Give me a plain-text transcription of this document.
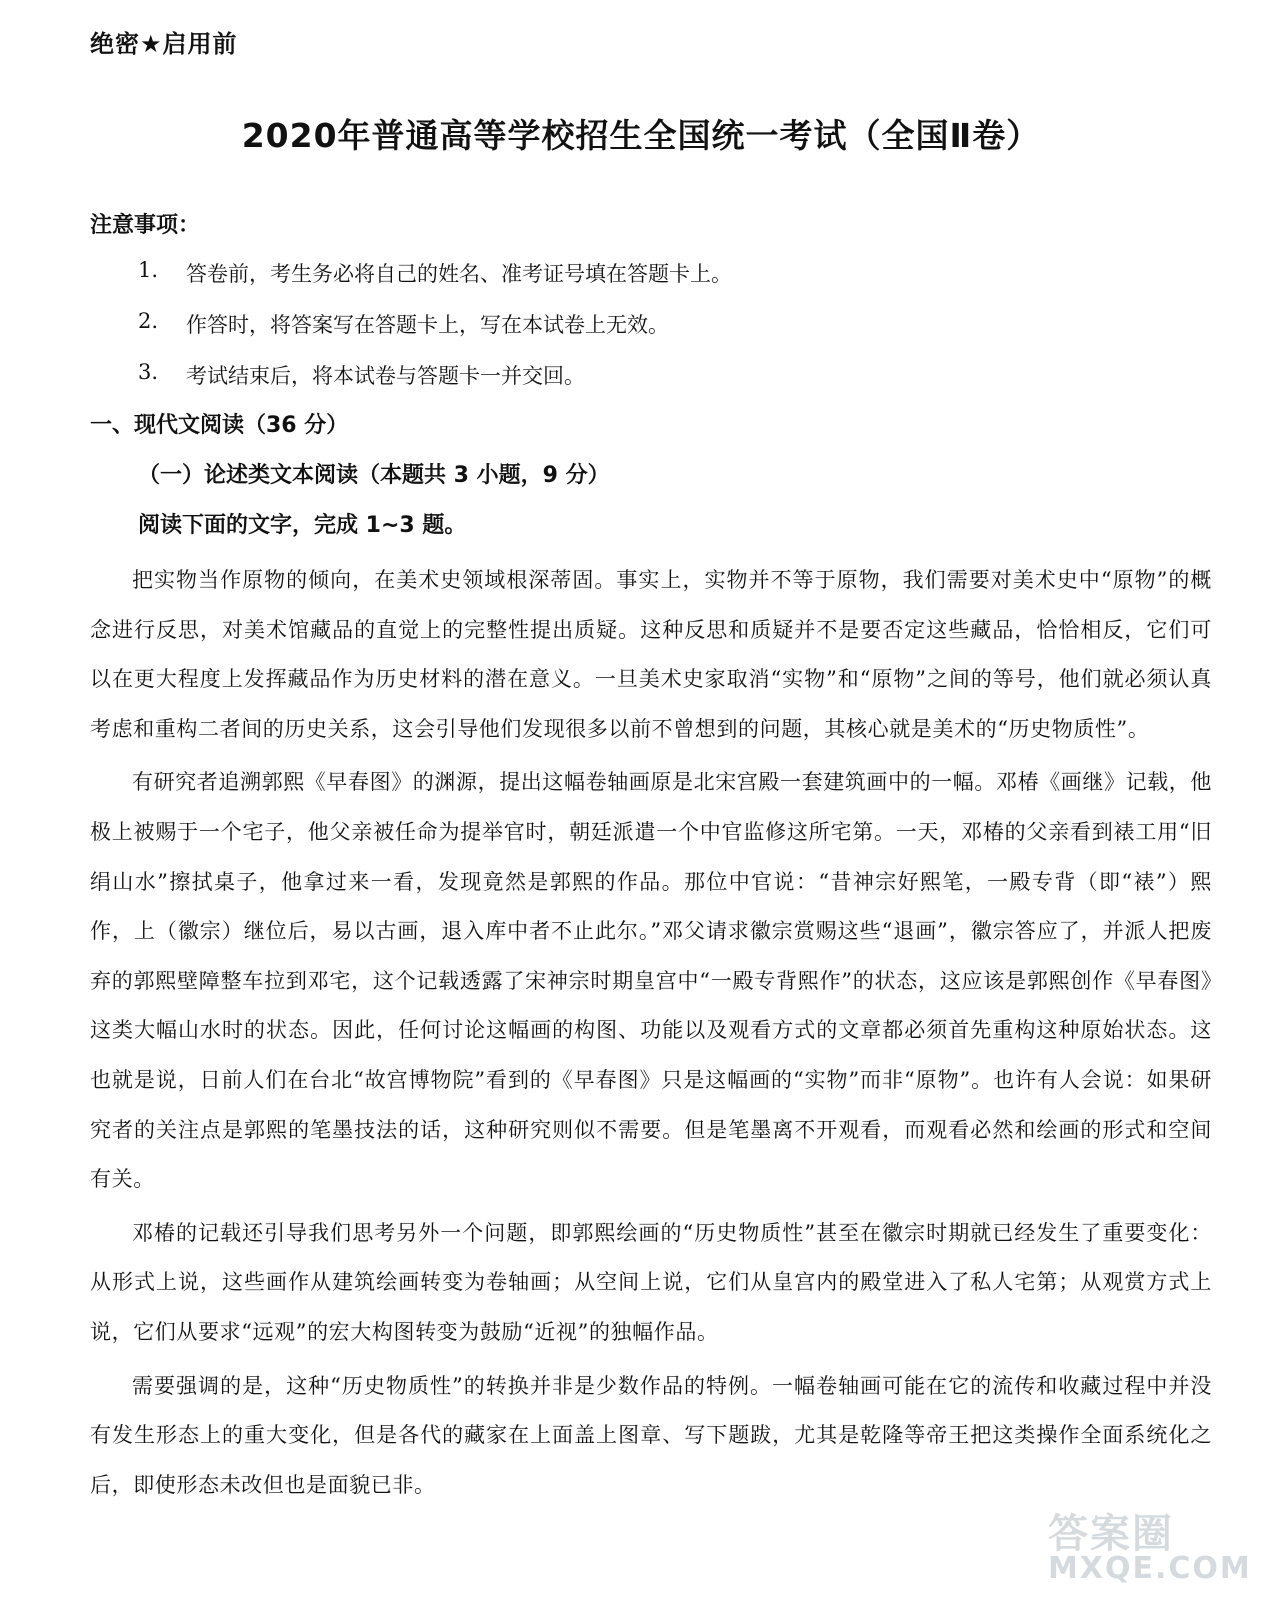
绝密★启用前
2020年普通高等学校招生全国统一考试（全国Ⅱ卷）
注意事项：
1.	答卷前，考生务必将自己的姓名、准考证号填在答题卡上。
2.	作答时，将答案写在答题卡上，写在本试卷上无效。
3.	考试结束后，将本试卷与答题卡一并交回。
一、现代文阅读（36 分）
（一）论述类文本阅读（本题共 3 小题，9 分）
阅读下面的文字，完成 1~3 题。

把实物当作原物的倾向，在美术史领域根深蒂固。事实上，实物并不等于原物，我们需要对美术史中“原物”的概念进行反思，对美术馆藏品的直觉上的完整性提出质疑。这种反思和质疑并不是要否定这些藏品，恰恰相反，它们可以在更大程度上发挥藏品作为历史材料的潜在意义。一旦美术史家取消“实物”和“原物”之间的等号，他们就必须认真考虑和重构二者间的历史关系，这会引导他们发现很多以前不曾想到的问题，其核心就是美术的“历史物质性”。

有研究者追溯郭熙《早春图》的渊源，提出这幅卷轴画原是北宋宫殿一套建筑画中的一幅。邓椿《画继》记载，他极上被赐于一个宅子，他父亲被任命为提举官时，朝廷派遣一个中官监修这所宅第。一天，邓椿的父亲看到裱工用“旧绢山水”擦拭桌子，他拿过来一看，发现竟然是郭熙的作品。那位中官说：“昔神宗好熙笔，一殿专背（即“裱”）熙作，上（徽宗）继位后，易以古画，退入库中者不止此尔。”邓父请求徽宗赏赐这些“退画”，徽宗答应了，并派人把废弃的郭熙壁障整车拉到邓宅，这个记载透露了宋神宗时期皇宫中“一殿专背熙作”的状态，这应该是郭熙创作《早春图》这类大幅山水时的状态。因此，任何讨论这幅画的构图、功能以及观看方式的文章都必须首先重构这种原始状态。这也就是说，日前人们在台北“故宫博物院”看到的《早春图》只是这幅画的“实物”而非“原物”。也许有人会说：如果研究者的关注点是郭熙的笔墨技法的话，这种研究则似不需要。但是笔墨离不开观看，而观看必然和绘画的形式和空间有关。

邓椿的记载还引导我们思考另外一个问题，即郭熙绘画的“历史物质性”甚至在徽宗时期就已经发生了重要变化：从形式上说，这些画作从建筑绘画转变为卷轴画；从空间上说，它们从皇宫内的殿堂进入了私人宅第；从观赏方式上说，它们从要求“远观”的宏大构图转变为鼓励“近视”的独幅作品。

需要强调的是，这种“历史物质性”的转换并非是少数作品的特例。一幅卷轴画可能在它的流传和收藏过程中并没有发生形态上的重大变化，但是各代的藏家在上面盖上图章、写下题跋，尤其是乾隆等帝王把这类操作全面系统化之后，即使形态未改但也是面貌已非。

答案圈
MXQE.COM
